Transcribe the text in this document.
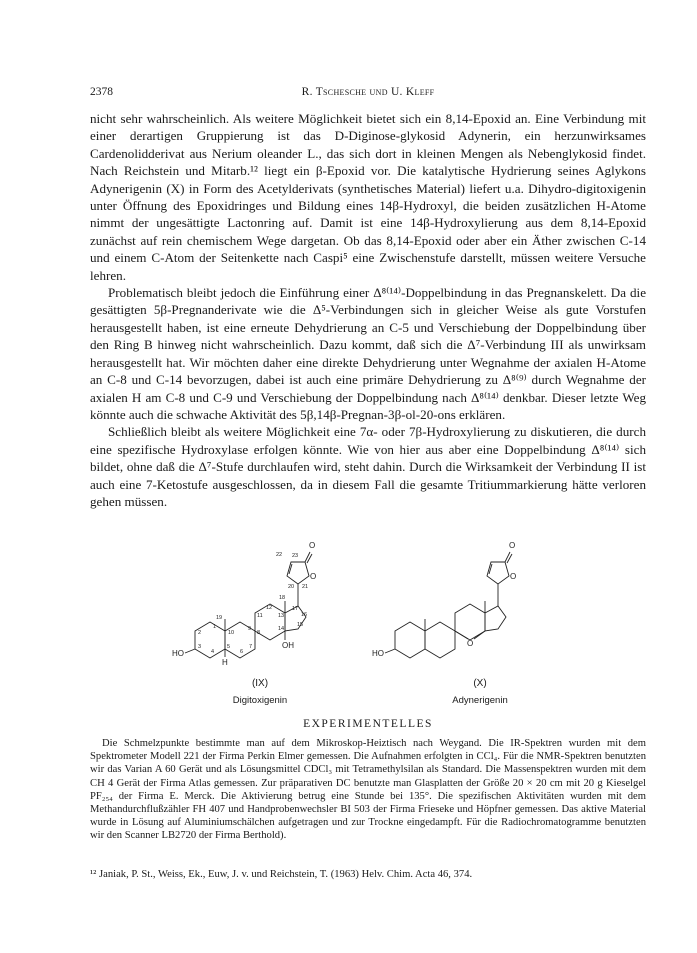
2378	R. Tschesche und U. Kleff

nicht sehr wahrscheinlich. Als weitere Möglichkeit bietet sich ein 8,14-Epoxid an. Eine Verbindung mit einer derartigen Gruppierung ist das D-Diginose-glykosid Adynerin, ein herzunwirksames Cardenolidderivat aus Nerium oleander L., das sich dort in kleinen Mengen als Nebenglykosid findet. Nach Reichstein und Mitarb.¹² liegt ein β-Epoxid vor. Die katalytische Hydrierung seines Aglykons Adynerigenin (X) in Form des Acetylderivats (synthetisches Material) liefert u.a. Dihydro-digitoxigenin unter Öffnung des Epoxidringes und Bildung eines 14β-Hydroxyl, die beiden zusätzlichen H-Atome nimmt der ungesättigte Lactonring auf. Damit ist eine 14β-Hydroxylierung aus dem 8,14-Epoxid zunächst auf rein chemischem Wege dargetan. Ob das 8,14-Epoxid oder aber ein Äther zwischen C-14 und einem C-Atom der Seitenkette nach Caspi⁵ eine Zwischenstufe darstellt, müssen weitere Versuche lehren.

Problematisch bleibt jedoch die Einführung einer Δ⁸⁽¹⁴⁾-Doppelbindung in das Pregnanskelett. Da die gesättigten 5β-Pregnanderivate wie die Δ⁵-Verbindungen sich in gleicher Weise als gute Vorstufen herausgestellt haben, ist eine erneute Dehydrierung an C-5 und Verschiebung der Doppelbindung über den Ring B hinweg nicht wahrscheinlich. Dazu kommt, daß sich die Δ⁷-Verbindung III als unwirksam herausgestellt hat. Wir möchten daher eine direkte Dehydrierung unter Wegnahme der axialen H-Atome an C-8 und C-14 bevorzugen, dabei ist auch eine primäre Dehydrierung zu Δ⁸⁽⁹⁾ durch Wegnahme der axialen H am C-8 und C-9 und Verschiebung der Doppelbindung nach Δ⁸⁽¹⁴⁾ denkbar. Dieser letzte Weg könnte auch die schwache Aktivität des 5β,14β-Pregnan-3β-ol-20-ons erklären.

Schließlich bleibt als weitere Möglichkeit eine 7α- oder 7β-Hydroxylierung zu diskutieren, die durch eine spezifische Hydroxylase erfolgen könnte. Wie von hier aus aber eine Doppelbindung Δ⁸⁽¹⁴⁾ sich bildet, ohne daß die Δ⁷-Stufe durchlaufen wird, steht dahin. Durch die Wirksamkeit der Verbindung II ist auch eine 7-Ketostufe ausgeschlossen, da in diesem Fall die gesamte Tritiummarkierung hätte verloren gehen müssen.

1
2
3
4
5
6
7
8
9
10
11
12
13
14
15
16
17
18
19
20 21
22 23
HO
H
OH
O
O
HO
O
O
O
(IX)
Digitoxigenin
(X)
Adynerigenin
EXPERIMENTELLES

Die Schmelzpunkte bestimmte man auf dem Mikroskop-Heiztisch nach Weygand. Die IR-Spektren wurden mit dem Spektrometer Modell 221 der Firma Perkin Elmer gemessen. Die Aufnahmen erfolgten in CCl₄. Für die NMR-Spektren benutzten wir das Varian A 60 Gerät und als Lösungsmittel CDCl₃ mit Tetramethylsilan als Standard. Die Massenspektren wurden mit dem CH 4 Gerät der Firma Atlas gemessen. Zur präparativen DC benutzte man Glasplatten der Größe 20 × 20 cm mit 20 g Kieselgel PF₂₅₄ der Firma E. Merck. Die Aktivierung betrug eine Stunde bei 135°. Die spezifischen Aktivitäten wurden mit dem Methandurchflußzähler FH 407 und Handprobenwechsler BI 503 der Firma Frieseke und Höpfner gemessen. Das aktive Material wurde in Lösung auf Aluminiumschälchen aufgetragen und zur Trockne eingedampft. Für die Radiochromatogramme benutzten wir den Scanner LB2720 der Firma Berthold).

¹² Janiak, P. St., Weiss, Ek., Euw, J. v. und Reichstein, T. (1963) Helv. Chim. Acta 46, 374.
